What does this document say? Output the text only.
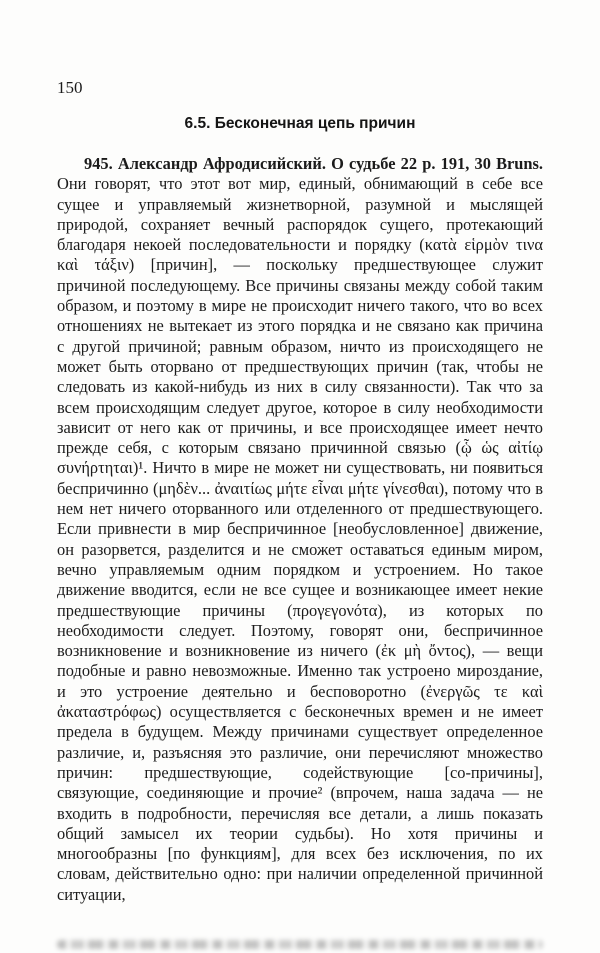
150
6.5. Бесконечная цепь причин

945. Александр Афродисийский. О судьбе 22 p. 191, 30 Bruns. Они говорят, что этот вот мир, единый, обнимающий в себе все сущее и управляемый жизнетворной, разумной и мыслящей природой, сохраняет вечный распорядок сущего, протекающий благодаря некоей последовательности и порядку (κατὰ εἱρμὸν τινα καὶ τάξιν) [причин], — поскольку предшествующее служит причиной последующему. Все причины связаны между собой таким образом, и поэтому в мире не происходит ничего такого, что во всех отношениях не вытекает из этого порядка и не связано как причина с другой причиной; равным образом, ничто из происходящего не может быть оторвано от предшествующих причин (так, чтобы не следовать из какой-нибудь из них в силу связанности). Так что за всем происходящим следует другое, которое в силу необходимости зависит от него как от причины, и все происходящее имеет нечто прежде себя, с которым связано причинной связью (ᾧ ὡς αἰτίῳ συνήρτηται)¹. Ничто в мире не может ни существовать, ни появиться беспричинно (μηδὲν... ἀναιτίως μήτε εἶναι μήτε γίνεσθαι), потому что в нем нет ничего оторванного или отделенного от предшествующего. Если привнести в мир беспричинное [необусловленное] движение, он разорвется, разделится и не сможет оставаться единым миром, вечно управляемым одним порядком и устроением. Но такое движение вводится, если не все сущее и возникающее имеет некие предшествующие причины (προγεγονότα), из которых по необходимости следует. Поэтому, говорят они, беспричинное возникновение и возникновение из ничего (ἐκ μὴ ὄντος), — вещи подобные и равно невозможные. Именно так устроено мироздание, и это устроение деятельно и бесповоротно (ἐνεργῶς τε καὶ ἀκαταστρόφως) осуществляется с бесконечных времен и не имеет предела в будущем. Между причинами существует определенное различие, и, разъясняя это различие, они перечисляют множество причин: предшествующие, содействующие [со-причины], связующие, соединяющие и прочие² (впрочем, наша задача — не входить в подробности, перечисляя все детали, а лишь показать общий замысел их теории судьбы). Но хотя причины и многообразны [по функциям], для всех без исключения, по их словам, действительно одно: при наличии определенной причинной ситуации,
